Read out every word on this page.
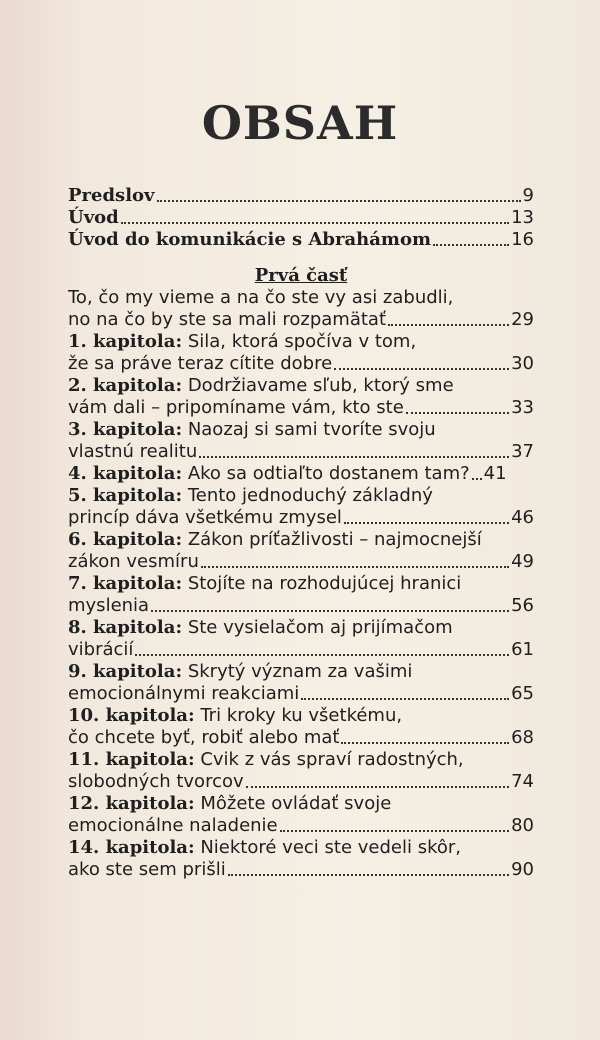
OBSAH
Predslov	9
Úvod	13
Úvod do komunikácie s Abrahámom	16
Prvá časť
To, čo my vieme a na čo ste vy asi zabudli,
no na čo by ste sa mali rozpamätať	29
1. kapitola: Sila, ktorá spočíva v tom,
že sa práve teraz cítite dobre	30
2. kapitola: Dodržiavame sľub, ktorý sme
vám dali – pripomíname vám, kto ste	33
3. kapitola: Naozaj si sami tvoríte svoju
vlastnú realitu	37
4. kapitola: Ako sa odtiaľto dostanem tam? 41
5. kapitola: Tento jednoduchý základný
princíp dáva všetkému zmysel	46
6. kapitola: Zákon príťažlivosti – najmocnejší
zákon vesmíru	49
7. kapitola: Stojíte na rozhodujúcej hranici
myslenia	56
8. kapitola: Ste vysielačom aj prijímačom
vibrácií	61
9. kapitola: Skrytý význam za vašimi
emocionálnymi reakciami	65
10. kapitola: Tri kroky ku všetkému,
čo chcete byť, robiť alebo mať	68
11. kapitola: Cvik z vás spraví radostných,
slobodných tvorcov	74
12. kapitola: Môžete ovládať svoje
emocionálne naladenie	80
14. kapitola: Niektoré veci ste vedeli skôr,
ako ste sem prišli	90
